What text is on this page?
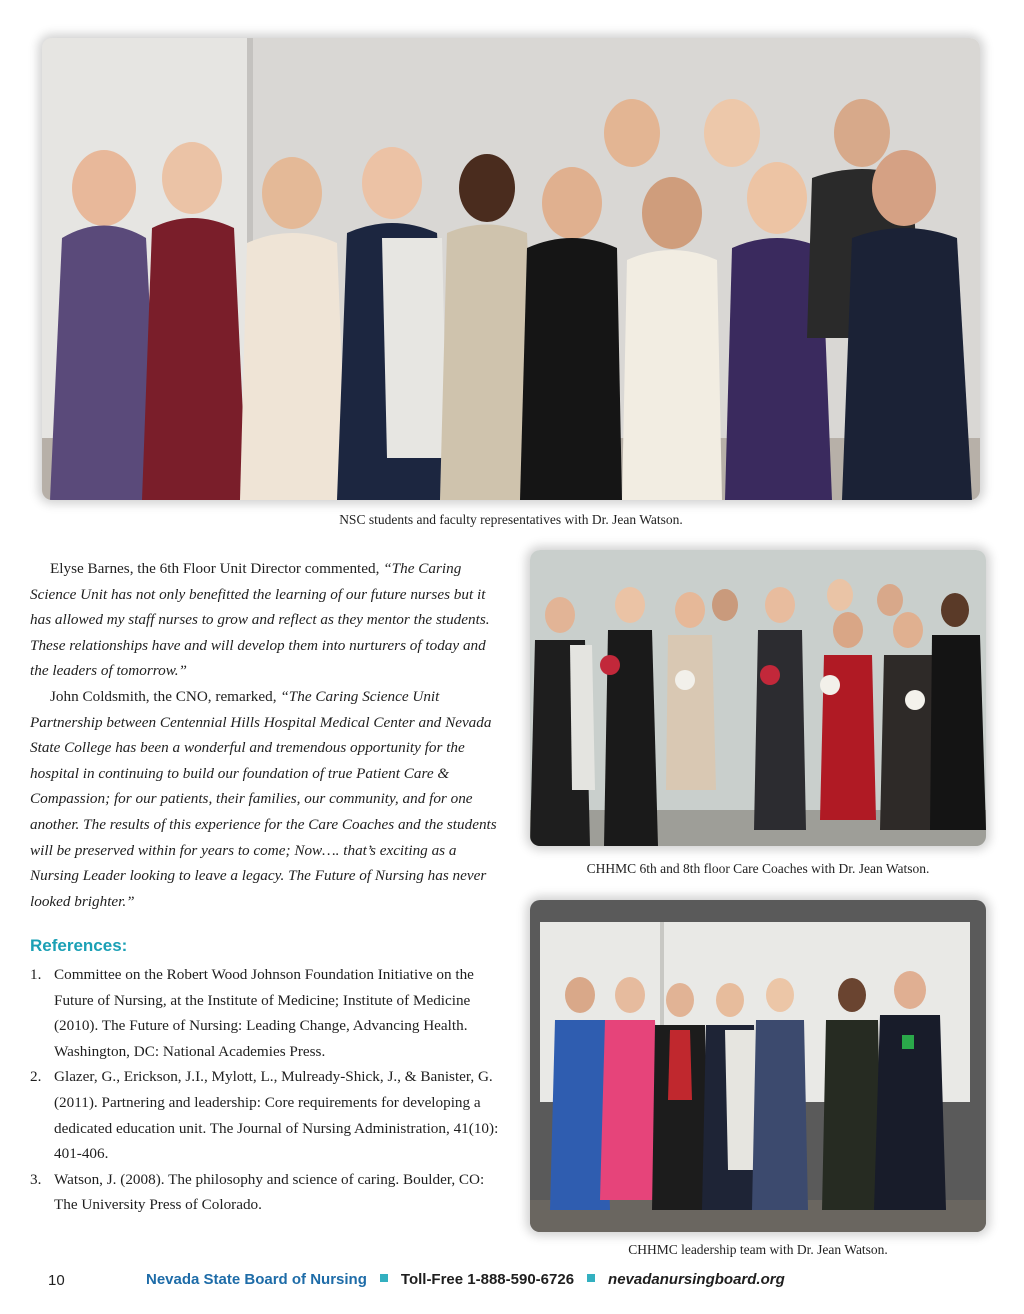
NSC students and faculty representatives with Dr. Jean Watson.

Elyse Barnes, the 6th Floor Unit Director commented, “The Caring Science Unit has not only benefitted the learning of our future nurses but it has allowed my staff nurses to grow and reflect as they mentor the students. These relationships have and will develop them into nurturers of today and the leaders of tomorrow.”

John Coldsmith, the CNO, remarked, “The Caring Science Unit Partnership between Centennial Hills Hospital Medical Center and Nevada State College has been a wonderful and tremendous opportunity for the hospital in continuing to build our foundation of true Patient Care & Compassion; for our patients, their families, our community, and for one another. The results of this experience for the Care Coaches and the students will be preserved within for years to come; Now…. that’s exciting as a Nursing Leader looking to leave a legacy. The Future of Nursing has never looked brighter.”

CHHMC 6th and 8th floor Care Coaches with Dr. Jean Watson.
References:
1. Committee on the Robert Wood Johnson Foundation Initiative on the Future of Nursing, at the Institute of Medicine; Institute of Medicine (2010). The Future of Nursing: Leading Change, Advancing Health. Washington, DC: National Academies Press.
2. Glazer, G., Erickson, J.I., Mylott, L., Mulready-Shick, J., & Banister, G. (2011). Partnering and leadership: Core requirements for developing a dedicated education unit. The Journal of Nursing Administration, 41(10): 401-406.
3. Watson, J. (2008). The philosophy and science of caring. Boulder, CO: The University Press of Colorado.
CHHMC leadership team with Dr. Jean Watson.
10	Nevada State Board of Nursing Toll-Free 1-888-590-6726 nevadanursingboard.org
